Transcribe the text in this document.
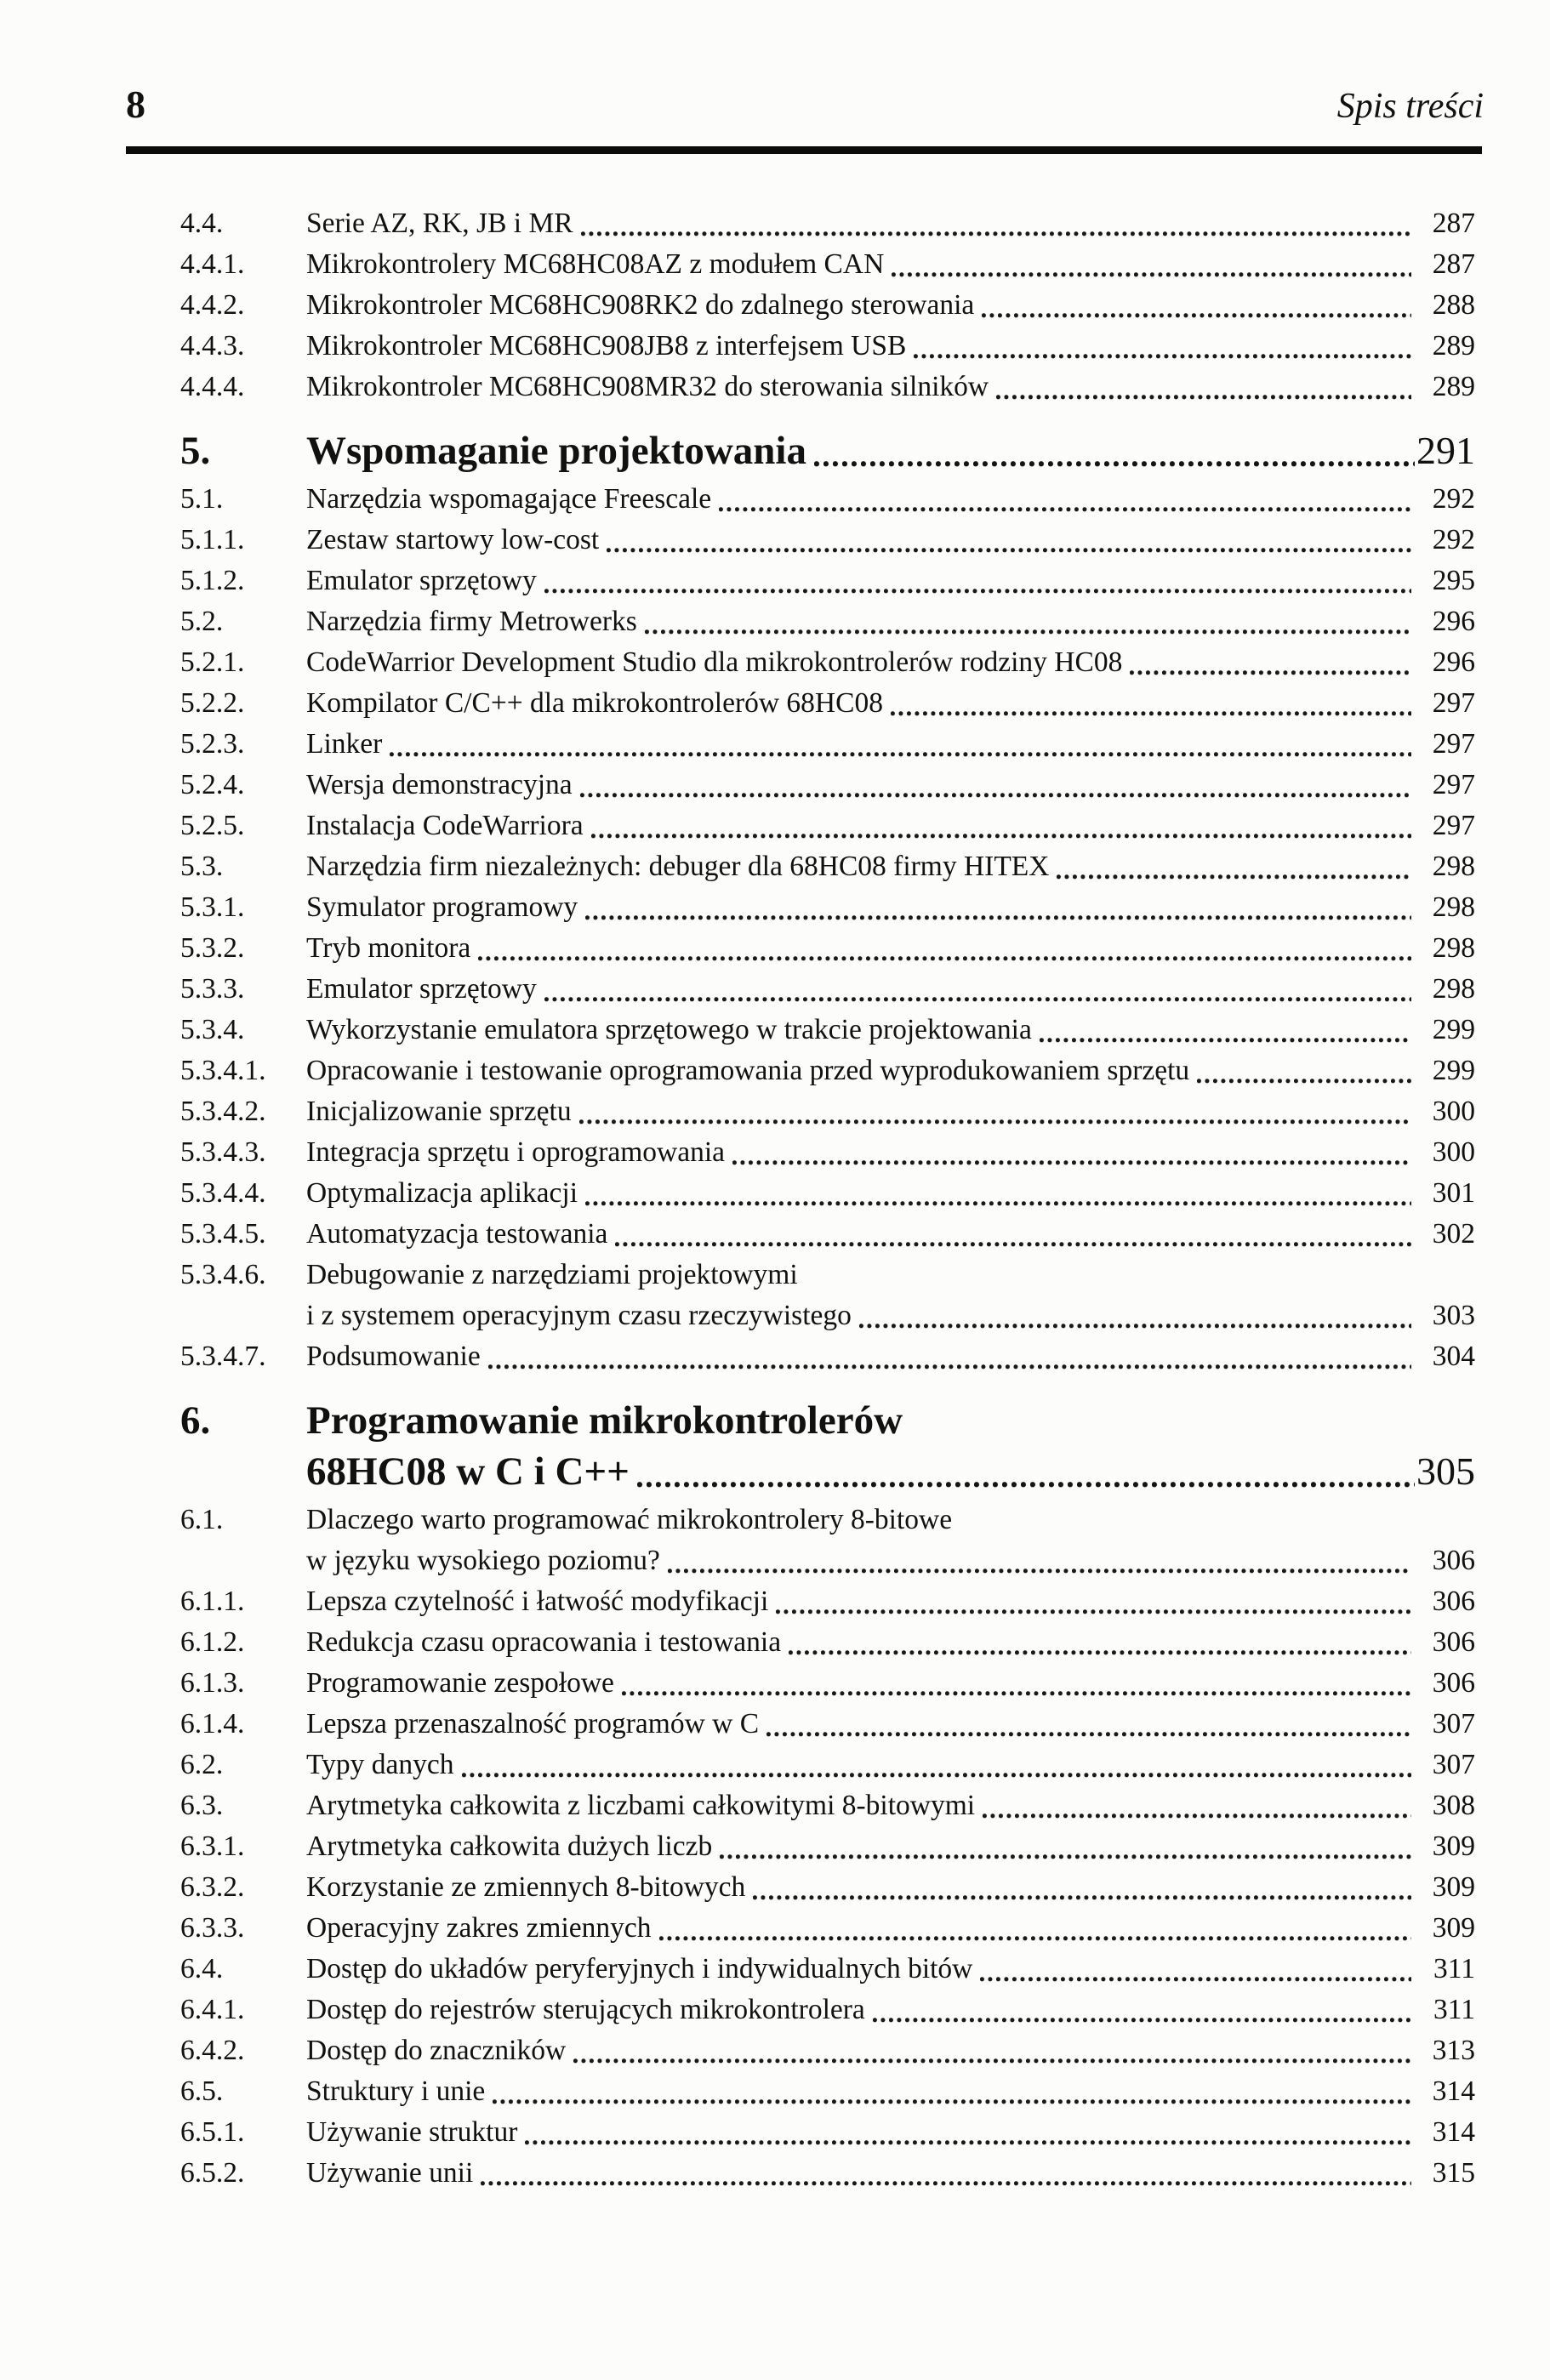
8	Spis treści
4.4.	Serie AZ, RK, JB i MR	287
4.4.1.	Mikrokontrolery MC68HC08AZ z modułem CAN	287
4.4.2.	Mikrokontroler MC68HC908RK2 do zdalnego sterowania	288
4.4.3.	Mikrokontroler MC68HC908JB8 z interfejsem USB	289
4.4.4.	Mikrokontroler MC68HC908MR32 do sterowania silników	289
5.	Wspomaganie projektowania	291
5.1.	Narzędzia wspomagające Freescale	292
5.1.1.	Zestaw startowy low-cost	292
5.1.2.	Emulator sprzętowy	295
5.2.	Narzędzia firmy Metrowerks	296
5.2.1.	CodeWarrior Development Studio dla mikrokontrolerów rodziny HC08	296
5.2.2.	Kompilator C/C++ dla mikrokontrolerów 68HC08	297
5.2.3.	Linker	297
5.2.4.	Wersja demonstracyjna	297
5.2.5.	Instalacja CodeWarriora	297
5.3.	Narzędzia firm niezależnych: debuger dla 68HC08 firmy HITEX	298
5.3.1.	Symulator programowy	298
5.3.2.	Tryb monitora	298
5.3.3.	Emulator sprzętowy	298
5.3.4.	Wykorzystanie emulatora sprzętowego w trakcie projektowania	299
5.3.4.1.	Opracowanie i testowanie oprogramowania przed wyprodukowaniem sprzętu	299
5.3.4.2.	Inicjalizowanie sprzętu	300
5.3.4.3.	Integracja sprzętu i oprogramowania	300
5.3.4.4.	Optymalizacja aplikacji	301
5.3.4.5.	Automatyzacja testowania	302
5.3.4.6.	Debugowanie z narzędziami projektowymi
i z systemem operacyjnym czasu rzeczywistego	303
5.3.4.7.	Podsumowanie	304
6.	Programowanie mikrokontrolerów
68HC08 w C i C++	305
6.1.	Dlaczego warto programować mikrokontrolery 8-bitowe
w języku wysokiego poziomu?	306
6.1.1.	Lepsza czytelność i łatwość modyfikacji	306
6.1.2.	Redukcja czasu opracowania i testowania	306
6.1.3.	Programowanie zespołowe	306
6.1.4.	Lepsza przenaszalność programów w C	307
6.2.	Typy danych	307
6.3.	Arytmetyka całkowita z liczbami całkowitymi 8-bitowymi	308
6.3.1.	Arytmetyka całkowita dużych liczb	309
6.3.2.	Korzystanie ze zmiennych 8-bitowych	309
6.3.3.	Operacyjny zakres zmiennych	309
6.4.	Dostęp do układów peryferyjnych i indywidualnych bitów	311
6.4.1.	Dostęp do rejestrów sterujących mikrokontrolera	311
6.4.2.	Dostęp do znaczników	313
6.5.	Struktury i unie	314
6.5.1.	Używanie struktur	314
6.5.2.	Używanie unii	315
